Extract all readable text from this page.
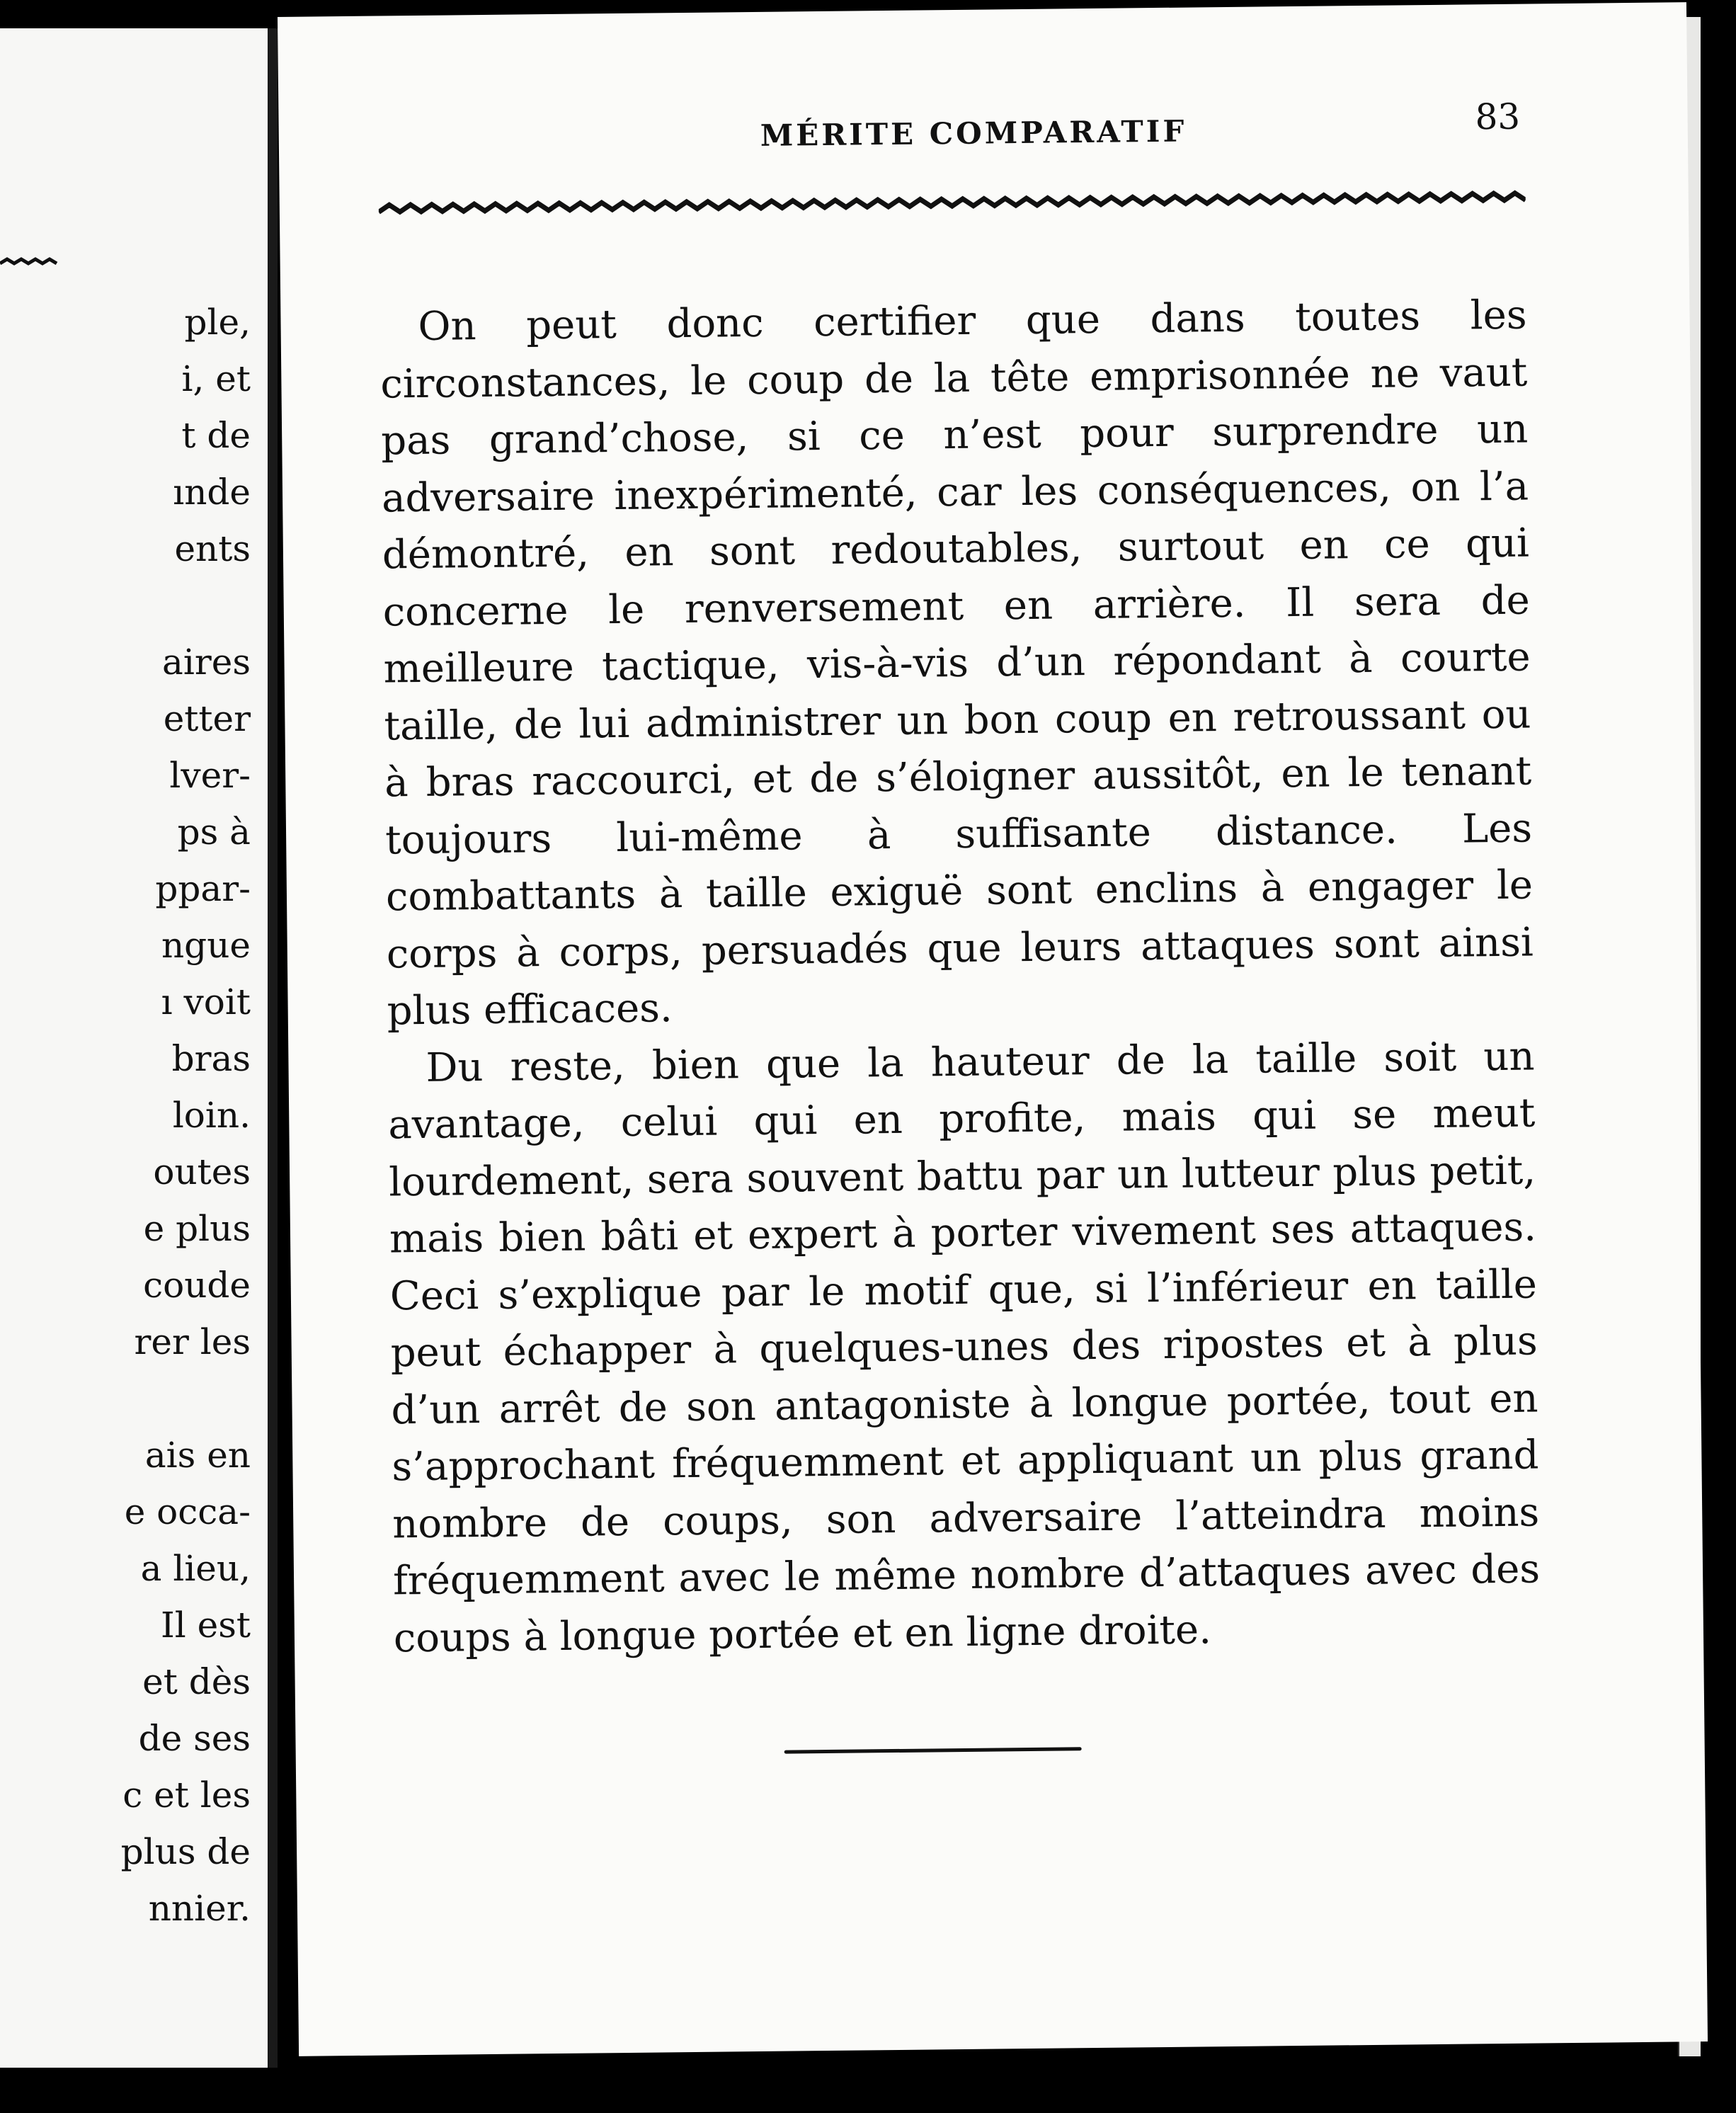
ple,
i, et
t de
ınde
ents
aires
etter
lver-
ps à
ppar-
ngue
ı voit
bras
loin.
outes
e plus
coude
rer les
ais en
e occa-
a lieu,
Il est
et dès
de ses
c et les
plus de
nnier.
MÉRITE COMPARATIF	83

On peut donc certifier que dans toutes les circonstances, le coup de la tête emprisonnée ne vaut pas grand’chose, si ce n’est pour surprendre un adversaire inexpérimenté, car les conséquences, on l’a démontré, en sont redoutables, surtout en ce qui concerne le renversement en arrière. Il sera de meilleure tactique, vis-à-vis d’un répondant à courte taille, de lui administrer un bon coup en retroussant ou à bras raccourci, et de s’éloigner aussitôt, en le tenant toujours lui-même à suffisante distance. Les combattants à taille exiguë sont enclins à engager le corps à corps, persuadés que leurs attaques sont ainsi plus efficaces.

Du reste, bien que la hauteur de la taille soit un avantage, celui qui en profite, mais qui se meut lourdement, sera souvent battu par un lutteur plus petit, mais bien bâti et expert à porter vivement ses attaques. Ceci s’explique par le motif que, si l’inférieur en taille peut échapper à quelques-unes des ripostes et à plus d’un arrêt de son antagoniste à longue portée, tout en s’approchant fréquemment et appliquant un plus grand nombre de coups, son adversaire l’atteindra moins fréquemment avec le même nombre d’attaques avec des coups à longue portée et en ligne droite.
